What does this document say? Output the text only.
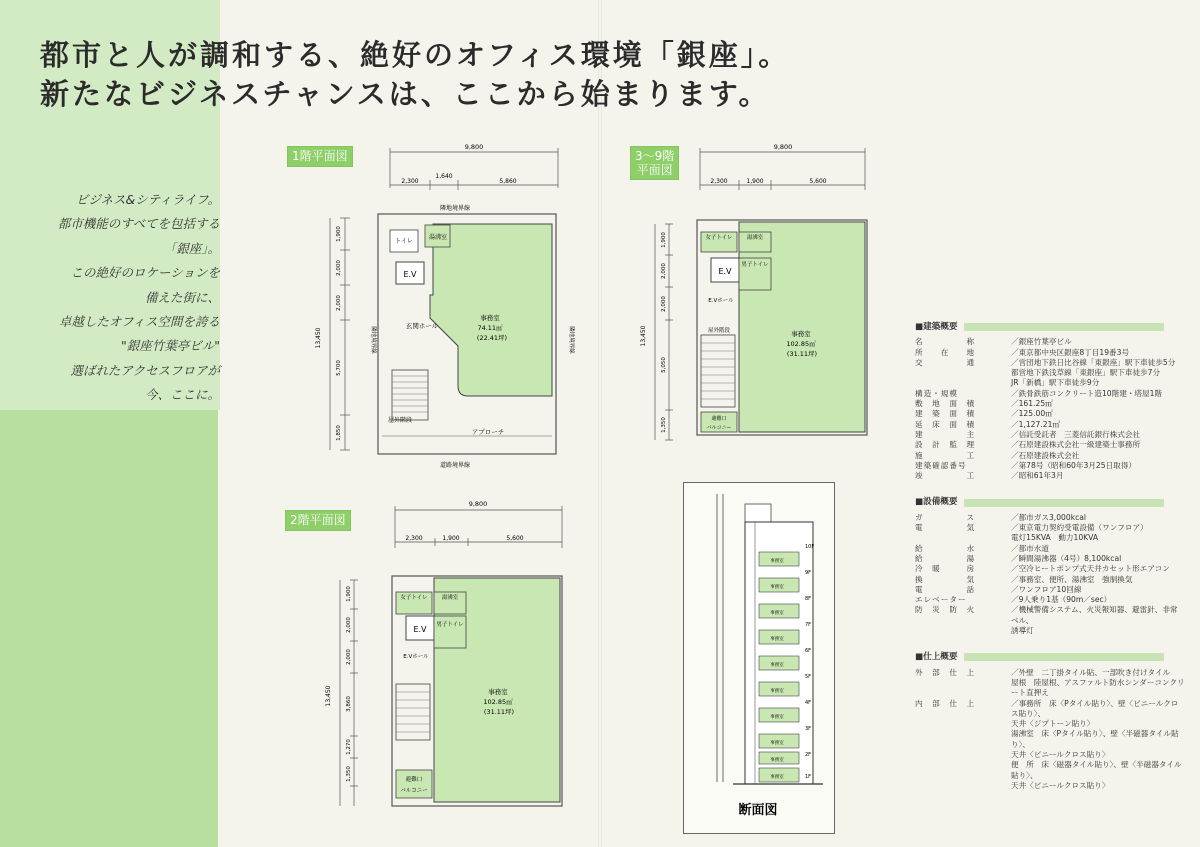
都市と人が調和する、絶好のオフィス環境「銀座」。
新たなビジネスチャンスは、ここから始まります。
ビジネス&シティライフ。
都市機能のすべてを包括する
「銀座」。
この絶好のロケーションを
備えた街に、
卓越したオフィス空間を誇る
"銀座竹葉亭ビル"
選ばれたアクセスフロアが
今、ここに。
1階平面図
9,800
2,300
1,640
5,860
13,450
1,900
2,000
2,000
5,700
1,850
隣地境界線
道路境界線
隣地境界線	隣地境界線
湯沸室
トイレ
E.V
玄関ホール
事務室
74.11㎡
(22.41坪)
屋外階段
アプローチ
2階平面図
9,800
2,300	1,900	5,600
13,450
1,900
2,000
2,000
3,860
1,270
1,350
女子トイレ	湯沸室
E.V 男子トイレ
E.Vホール
事務室
102.85㎡
(31.11坪)
避難口
バルコニー
3〜9階
平面図
9,800
2,300	1,900	5,600
13,450
1,900
2,000
2,000
5,050
1,350
女子トイレ	湯沸室
E.V
男子トイレ
E.Vホール
屋外階段	事務室
102.85㎡
(31.11坪)
避難口
バルコニー
事務室
10F
事務室
9F
事務室
8F
事務室
7F
事務室
6F
事務室
5F
事務室
4F
事務室
3F
事務室
2F
事務室	1F
断面図
■建築概要
名　　　　　称	／銀座竹葉亭ビル
所　　在　　地	／東京都中央区銀座8丁目19番3号
交　　　　　通	／営団地下鉄日比谷線「東銀座」駅下車徒歩5分
都営地下鉄浅草線「東銀座」駅下車徒歩7分
JR「新橋」駅下車徒歩9分
構造・規模	／鉄骨鉄筋コンクリート造10階建・塔屋1階
敷　地　面　積	／161.25㎡
建　築　面　積	／125.00㎡
延　床　面　積	／1,127.21㎡
建　　　　　主	／信託受託者　三菱信託銀行株式会社
設　計　監　理	／石原建設株式会社一級建築士事務所
施　　　　　工	／石原建設株式会社
建築確認番号	／第78号（昭和60年3月25日取得）
竣　　　　　工	／昭和61年3月
■設備概要
ガ　　　　　ス	／都市ガス3,000kcal
電　　　　　気	／東京電力契約受電設備（ワンフロア）
電灯15KVA　動力10KVA
給　　　　　水	／都市水道
給　　　　　湯	／瞬間湯沸器（4号）8,100kcal
冷　暖　　　房	／空冷ヒートポンプ式天井カセット形エアコン
換　　　　　気	／事務室、便所、湯沸室　強制換気
電　　　　　話	／ワンフロア10回線
エレベーター	／9人乗り1基（90m／sec）
防　災　防　火	／機械警備システム、火災報知器、避雷針、非常ベル、
誘導灯
■仕上概要
外　部　仕　上	／外壁　二丁掛タイル貼、一部吹き付けタイル
屋根　陸屋根、アスファルト防水シンダーコンクリート直押え
内　部　仕　上	／事務所　床〈Pタイル貼り〉、壁〈ビニールクロス貼り〉、
天井〈ジプトーン貼り〉
湯沸室　床〈Pタイル貼り〉、壁〈半磁器タイル貼り〉、
天井〈ビニールクロス貼り〉
便　所　床〈磁器タイル貼り〉、壁〈半磁器タイル貼り〉、
天井〈ビニールクロス貼り〉
